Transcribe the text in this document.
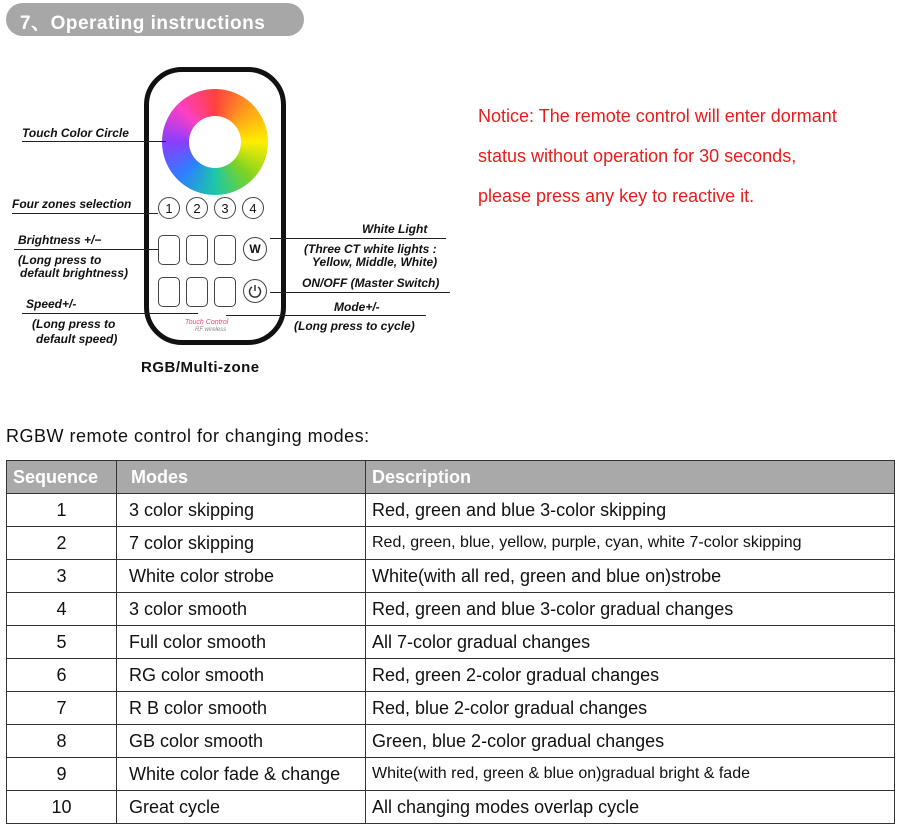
7、Operating instructions
Touch Control
RF wireless
1	2	3	4
W
Touch Color Circle
Four zones selection
Brightness +/−
(Long press to
default brightness)
Speed+/-
(Long press to
default speed)
White Light
(Three CT white lights :
Yellow, Middle, White)
ON/OFF (Master Switch)
Mode+/-
(Long press to cycle)
RGB/Multi-zone
Notice: The remote control will enter dormant
status without operation for 30 seconds,
please press any key to reactive it.
RGBW remote control for changing modes:
Sequence	Modes	Description
1	3 color skipping	Red, green and blue 3-color skipping
2	7 color skipping	Red, green, blue, yellow, purple, cyan, white 7-color skipping
3	White color strobe	White(with all red, green and blue on)strobe
4	3 color smooth	Red, green and blue 3-color gradual changes
5	Full color smooth	All 7-color gradual changes
6	RG color smooth	Red, green 2-color gradual changes
7	R B color smooth	Red, blue 2-color gradual changes
8	GB color smooth	Green, blue 2-color gradual changes
9	White color fade & change	White(with red, green & blue on)gradual bright & fade
10	Great cycle	All changing modes overlap cycle
